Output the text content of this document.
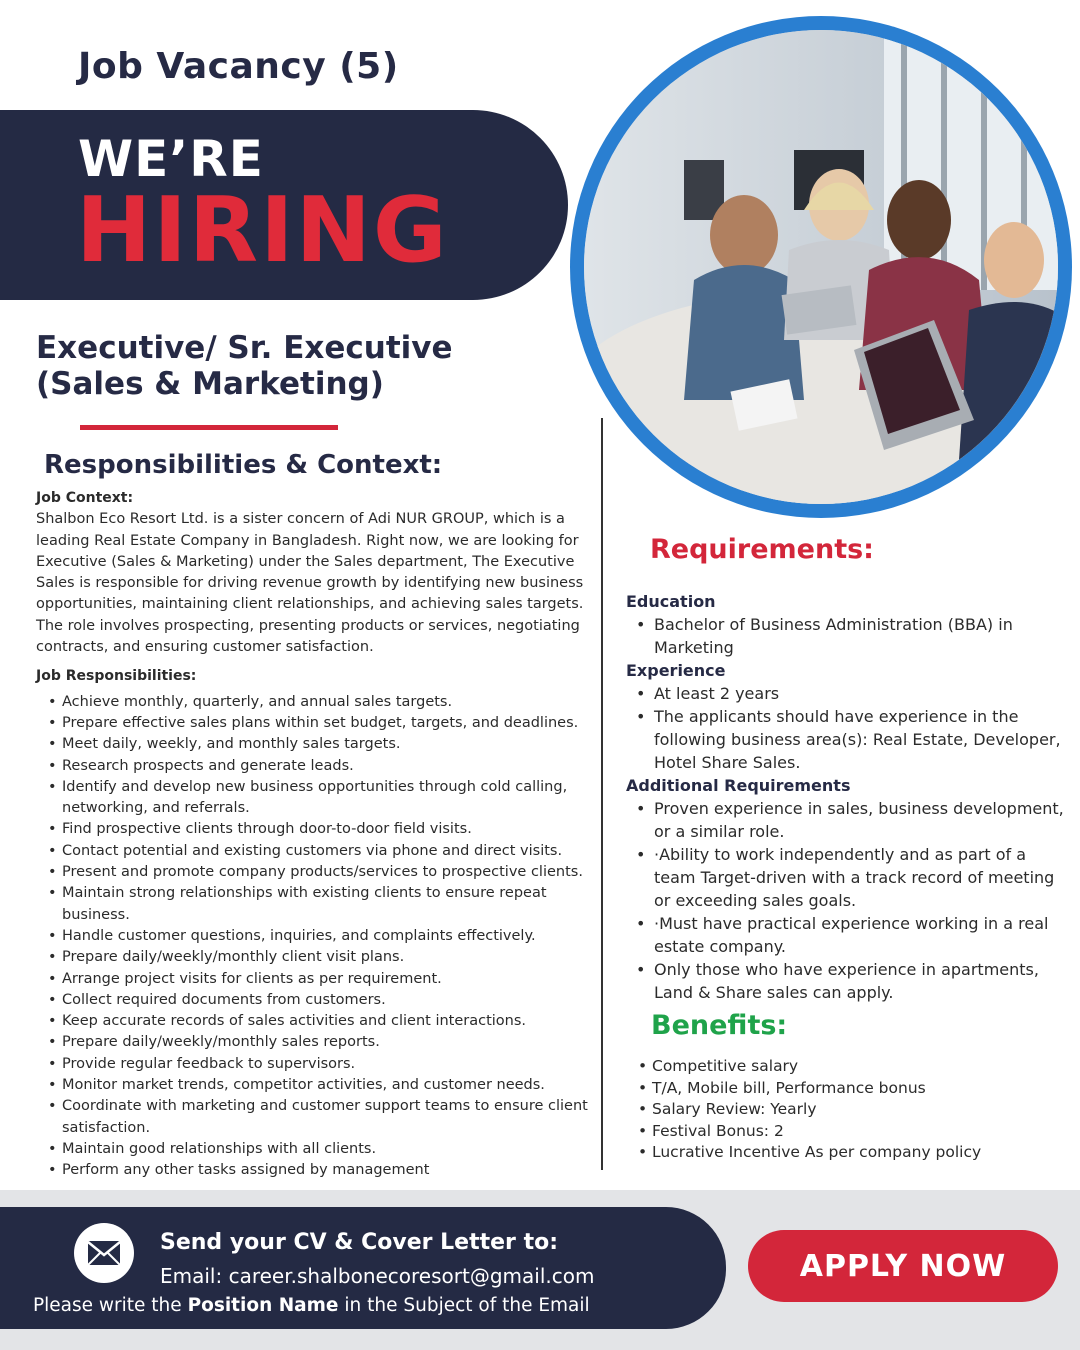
Job Vacancy (5)
WE’RE
HIRING
Executive/ Sr. Executive
(Sales & Marketing)
Responsibilities & Context:
Job Context:
Shalbon Eco Resort Ltd. is a sister concern of Adi NUR GROUP, which is a leading Real Estate Company in Bangladesh. Right now, we are looking for Executive (Sales & Marketing) under the Sales department, The Executive Sales is responsible for driving revenue growth by identifying new business opportunities, maintaining client relationships, and achieving sales targets. The role involves prospecting, presenting products or services, negotiating contracts, and ensuring customer satisfaction.
Job Responsibilities:
• Achieve monthly, quarterly, and annual sales targets.
• Prepare effective sales plans within set budget, targets, and deadlines.
• Meet daily, weekly, and monthly sales targets.
• Research prospects and generate leads.
• Identify and develop new business opportunities through cold calling, networking, and referrals.
• Find prospective clients through door-to-door field visits.
• Contact potential and existing customers via phone and direct visits.
• Present and promote company products/services to prospective clients.
• Maintain strong relationships with existing clients to ensure repeat business.
• Handle customer questions, inquiries, and complaints effectively.
• Prepare daily/weekly/monthly client visit plans.
• Arrange project visits for clients as per requirement.
• Collect required documents from customers.
• Keep accurate records of sales activities and client interactions.
• Prepare daily/weekly/monthly sales reports.
• Provide regular feedback to supervisors.
• Monitor market trends, competitor activities, and customer needs.
• Coordinate with marketing and customer support teams to ensure client satisfaction.
• Maintain good relationships with all clients.
• Perform any other tasks assigned by management
Requirements:
Education
• Bachelor of Business Administration (BBA) in Marketing
Experience
• At least 2 years
• The applicants should have experience in the following business area(s): Real Estate, Developer, Hotel Share Sales.
Additional Requirements
• Proven experience in sales, business development, or a similar role.
• ·Ability to work independently and as part of a team Target-driven with a track record of meeting or exceeding sales goals.
• ·Must have practical experience working in a real estate company.
• Only those who have experience in apartments, Land & Share sales can apply.
Benefits:
• Competitive salary
• T/A, Mobile bill, Performance bonus
• Salary Review: Yearly
• Festival Bonus: 2
• Lucrative Incentive As per company policy
Send your CV & Cover Letter to:
Email: career.shalbonecoresort@gmail.com
Please write the Position Name in the Subject of the Email
APPLY NOW
